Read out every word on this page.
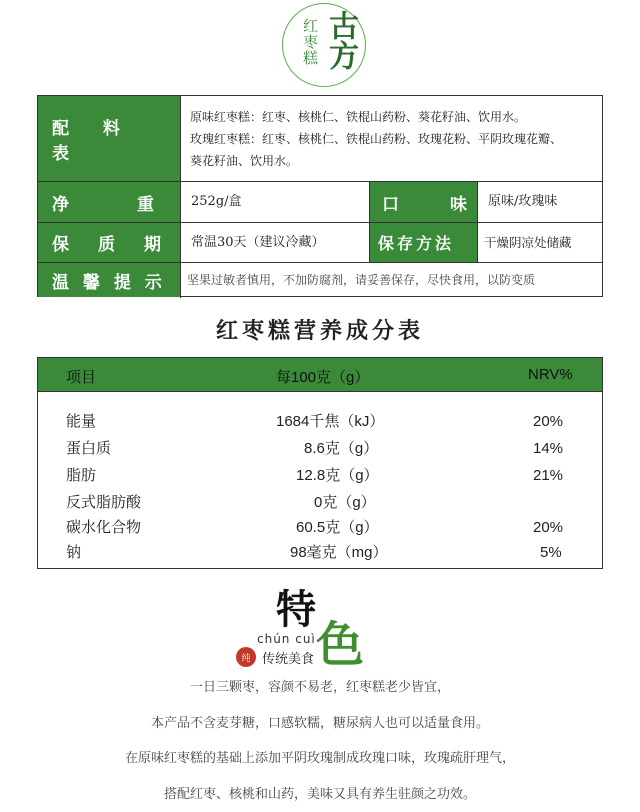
红枣糕 古方
配 料 表
原味红枣糕：红枣、核桃仁、铁棍山药粉、葵花籽油、饮用水。
玫瑰红枣糕：红枣、核桃仁、铁棍山药粉、玫瑰花粉、平阴玫瑰花瓣、
葵花籽油、饮用水。
净　　　　重	252g/盒	口　　　味	原味/玫瑰味
保　质　期	常温30天（建议冷藏）	保存方法	干燥阴凉处储藏
温 馨 提 示	坚果过敏者慎用，不加防腐剂，请妥善保存，尽快食用，以防变质
红枣糕营养成分表
项目	每100克（g）	NRV%
能量	1684千焦（kJ）	20%
蛋白质	8.6克（g）	14%
脂肪	12.8克（g）	21%
反式脂肪酸	0克（g）
碳水化合物	60.5克（g）	20%
钠	98毫克（mg）	5%
特
色
chún cuì
纯 传统美食
一日三颗枣，容颜不易老，红枣糕老少皆宜，
本产品不含麦芽糖，口感软糯，糖尿病人也可以适量食用。
在原味红枣糕的基础上添加平阴玫瑰制成玫瑰口味，玫瑰疏肝理气，
搭配红枣、核桃和山药，美味又具有养生驻颜之功效。
